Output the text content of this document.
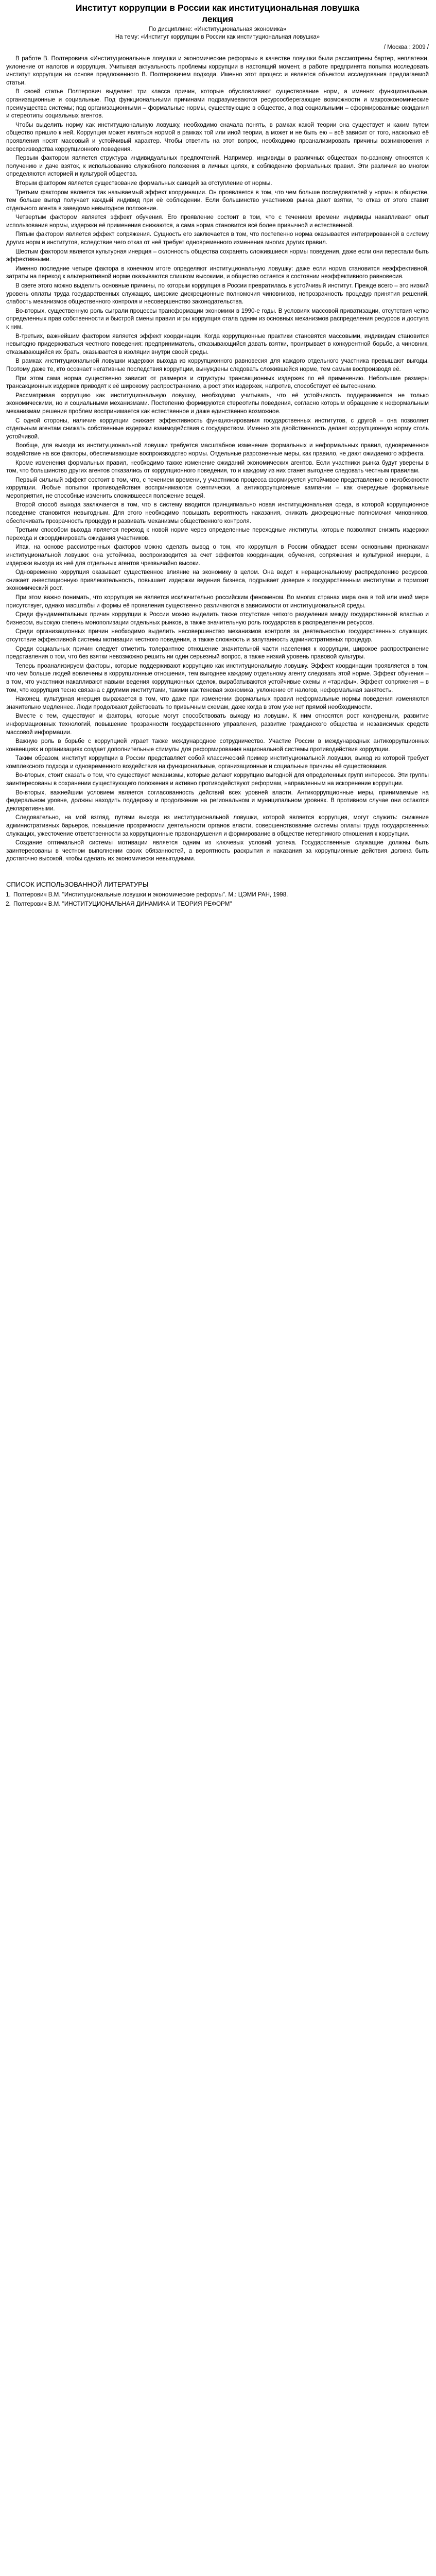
Институт коррупции в России как институциональная ловушка
лекция

По дисциплине: «Институциональная экономика»

На тему: «Институт коррупции в России как институциональная ловушка»

/ Москва : 2009 /

В работе В. Полтеровича «Институциональные ловушки и экономические реформы» в качестве ловушки были рассмотрены бартер, неплатежи, уклонение от налогов и коррупция. Учитывая актуальность проблемы коррупции в настоящий момент, в работе предпринята попытка исследовать институт коррупции на основе предложенного В. Полтеровичем подхода. Именно этот процесс и является объектом исследования предлагаемой статьи.

В своей статье Полтерович выделяет три класса причин, которые обусловливают существование норм, а именно: функциональные, организационные и социальные. Под функциональными причинами подразумеваются ресурсосберегающие возможности и макроэкономические преимущества системы; под организационными – формальные нормы, существующие в обществе, а под социальными – сформированные ожидания и стереотипы социальных агентов.

Чтобы выделить норму как институциональную ловушку, необходимо сначала понять, в рамках какой теории она существует и каким путем общество пришло к ней. Коррупция может являться нормой в рамках той или иной теории, а может и не быть ею – всё зависит от того, насколько её проявления носят массовый и устойчивый характер. Чтобы ответить на этот вопрос, необходимо проанализировать причины возникновения и воспроизводства коррупционного поведения.

Первым фактором является структура индивидуальных предпочтений. Например, индивиды в различных обществах по-разному относятся к получению и даче взяток, к использованию служебного положения в личных целях, к соблюдению формальных правил. Эти различия во многом определяются историей и культурой общества.

Вторым фактором является существование формальных санкций за отступление от нормы.

Третьим фактором является так называемый эффект координации. Он проявляется в том, что чем больше последователей у нормы в обществе, тем больше выгод получает каждый индивид при её соблюдении. Если большинство участников рынка дают взятки, то отказ от этого ставит отдельного агента в заведомо невыгодное положение.

Четвертым фактором является эффект обучения. Его проявление состоит в том, что с течением времени индивиды накапливают опыт использования нормы, издержки её применения снижаются, а сама норма становится всё более привычной и естественной.

Пятым фактором является эффект сопряжения. Сущность его заключается в том, что постепенно норма оказывается интегрированной в систему других норм и институтов, вследствие чего отказ от неё требует одновременного изменения многих других правил.

Шестым фактором является культурная инерция – склонность общества сохранять сложившиеся нормы поведения, даже если они перестали быть эффективными.

Именно последние четыре фактора в конечном итоге определяют институциональную ловушку: даже если норма становится неэффективной, затраты на переход к альтернативной норме оказываются слишком высокими, и общество остается в состоянии неэффективного равновесия.

В свете этого можно выделить основные причины, по которым коррупция в России превратилась в устойчивый институт. Прежде всего – это низкий уровень оплаты труда государственных служащих, широкие дискреционные полномочия чиновников, непрозрачность процедур принятия решений, слабость механизмов общественного контроля и несовершенство законодательства.

Во-вторых, существенную роль сыграли процессы трансформации экономики в 1990-е годы. В условиях массовой приватизации, отсутствия четко определенных прав собственности и быстрой смены правил игры коррупция стала одним из основных механизмов распределения ресурсов и доступа к ним.

В-третьих, важнейшим фактором является эффект координации. Когда коррупционные практики становятся массовыми, индивидам становится невыгодно придерживаться честного поведения: предприниматель, отказывающийся давать взятки, проигрывает в конкурентной борьбе, а чиновник, отказывающийся их брать, оказывается в изоляции внутри своей среды.

В рамках институциональной ловушки издержки выхода из коррупционного равновесия для каждого отдельного участника превышают выгоды. Поэтому даже те, кто осознает негативные последствия коррупции, вынуждены следовать сложившейся норме, тем самым воспроизводя её.

При этом сама норма существенно зависит от размеров и структуры трансакционных издержек по её применению. Небольшие размеры трансакционных издержек приводят к её широкому распространению, а рост этих издержек, напротив, способствует её вытеснению.

Рассматривая коррупцию как институциональную ловушку, необходимо учитывать, что её устойчивость поддерживается не только экономическими, но и социальными механизмами. Постепенно формируются стереотипы поведения, согласно которым обращение к неформальным механизмам решения проблем воспринимается как естественное и даже единственно возможное.

С одной стороны, наличие коррупции снижает эффективность функционирования государственных институтов, с другой – она позволяет отдельным агентам снижать собственные издержки взаимодействия с государством. Именно эта двойственность делает коррупционную норму столь устойчивой.

Вообще, для выхода из институциональной ловушки требуется масштабное изменение формальных и неформальных правил, одновременное воздействие на все факторы, обеспечивающие воспроизводство нормы. Отдельные разрозненные меры, как правило, не дают ожидаемого эффекта.

Кроме изменения формальных правил, необходимо также изменение ожиданий экономических агентов. Если участники рынка будут уверены в том, что большинство других агентов отказались от коррупционного поведения, то и каждому из них станет выгоднее следовать честным правилам.

Первый сильный эффект состоит в том, что, с течением времени, у участников процесса формируется устойчивое представление о неизбежности коррупции. Любые попытки противодействия воспринимаются скептически, а антикоррупционные кампании – как очередные формальные мероприятия, не способные изменить сложившееся положение вещей.

Второй способ выхода заключается в том, что в систему вводится принципиально новая институциональная среда, в которой коррупционное поведение становится невыгодным. Для этого необходимо повышать вероятность наказания, снижать дискреционные полномочия чиновников, обеспечивать прозрачность процедур и развивать механизмы общественного контроля.

Третьим способом выхода является переход к новой норме через определенные переходные институты, которые позволяют снизить издержки перехода и скоординировать ожидания участников.

Итак, на основе рассмотренных факторов можно сделать вывод о том, что коррупция в России обладает всеми основными признаками институциональной ловушки: она устойчива, воспроизводится за счет эффектов координации, обучения, сопряжения и культурной инерции, а издержки выхода из неё для отдельных агентов чрезвычайно высоки.

Одновременно коррупция оказывает существенное влияние на экономику в целом. Она ведет к нерациональному распределению ресурсов, снижает инвестиционную привлекательность, повышает издержки ведения бизнеса, подрывает доверие к государственным институтам и тормозит экономический рост.

При этом важно понимать, что коррупция не является исключительно российским феноменом. Во многих странах мира она в той или иной мере присутствует, однако масштабы и формы её проявления существенно различаются в зависимости от институциональной среды.

Среди фундаментальных причин коррупции в России можно выделить также отсутствие четкого разделения между государственной властью и бизнесом, высокую степень монополизации отдельных рынков, а также значительную роль государства в распределении ресурсов.

Среди организационных причин необходимо выделить несовершенство механизмов контроля за деятельностью государственных служащих, отсутствие эффективной системы мотивации честного поведения, а также сложность и запутанность административных процедур.

Среди социальных причин следует отметить толерантное отношение значительной части населения к коррупции, широкое распространение представления о том, что без взятки невозможно решить ни один серьезный вопрос, а также низкий уровень правовой культуры.

Теперь проанализируем факторы, которые поддерживают коррупцию как институциональную ловушку. Эффект координации проявляется в том, что чем больше людей вовлечены в коррупционные отношения, тем выгоднее каждому отдельному агенту следовать этой норме. Эффект обучения – в том, что участники накапливают навыки ведения коррупционных сделок, вырабатываются устойчивые схемы и «тарифы». Эффект сопряжения – в том, что коррупция тесно связана с другими институтами, такими как теневая экономика, уклонение от налогов, неформальная занятость.

Наконец, культурная инерция выражается в том, что даже при изменении формальных правил неформальные нормы поведения изменяются значительно медленнее. Люди продолжают действовать по привычным схемам, даже когда в этом уже нет прямой необходимости.

Вместе с тем, существуют и факторы, которые могут способствовать выходу из ловушки. К ним относятся рост конкуренции, развитие информационных технологий, повышение прозрачности государственного управления, развитие гражданского общества и независимых средств массовой информации.

Важную роль в борьбе с коррупцией играет также международное сотрудничество. Участие России в международных антикоррупционных конвенциях и организациях создает дополнительные стимулы для реформирования национальной системы противодействия коррупции.

Таким образом, институт коррупции в России представляет собой классический пример институциональной ловушки, выход из которой требует комплексного подхода и одновременного воздействия на функциональные, организационные и социальные причины её существования.

Во-вторых, стоит сказать о том, что существуют механизмы, которые делают коррупцию выгодной для определенных групп интересов. Эти группы заинтересованы в сохранении существующего положения и активно противодействуют реформам, направленным на искоренение коррупции.

Во-вторых, важнейшим условием является согласованность действий всех уровней власти. Антикоррупционные меры, принимаемые на федеральном уровне, должны находить поддержку и продолжение на региональном и муниципальном уровнях. В противном случае они остаются декларативными.

Следовательно, на мой взгляд, путями выхода из институциональной ловушки, которой является коррупция, могут служить: снижение административных барьеров, повышение прозрачности деятельности органов власти, совершенствование системы оплаты труда государственных служащих, ужесточение ответственности за коррупционные правонарушения и формирование в обществе нетерпимого отношения к коррупции.

Создание оптимальной системы мотивации является одним из ключевых условий успеха. Государственные служащие должны быть заинтересованы в честном выполнении своих обязанностей, а вероятность раскрытия и наказания за коррупционные действия должна быть достаточно высокой, чтобы сделать их экономически невыгодными.

СПИСОК ИСПОЛЬЗОВАННОЙ ЛИТЕРАТУРЫ

1. Полтерович В.М. "Институциональные ловушки и экономические реформы". М.: ЦЭМИ РАН, 1998.
2. Полтерович В.М. "ИНСТИТУЦИОНАЛЬНАЯ ДИНАМИКА И ТЕОРИЯ РЕФОРМ"
